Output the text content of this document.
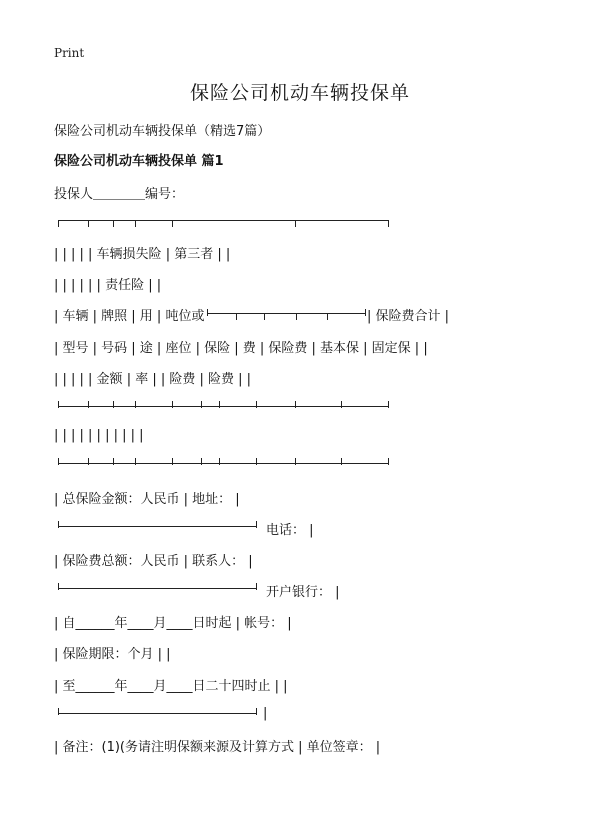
Print
保险公司机动车辆投保单
保险公司机动车辆投保单（精选7篇）
保险公司机动车辆投保单 篇1
投保人＿＿＿＿编号：
| | | | | 车辆损失险 | 第三者 | |
| | | | | | 责任险 | |
| 车辆 | 牌照 | 用 | 吨位或	| 保险费合计 |
| 型号 | 号码 | 途 | 座位 | 保险 | 费 | 保险费 | 基本保 | 固定保 | |
| | | | | 金额 | 率 | | 险费 | 险费 | |
| | | | | | | | | | |
| 总保险金额：人民币 | 地址： |
电话： |
| 保险费总额：人民币 | 联系人： |
开户银行： |
| 自______年____月____日时起 | 帐号： |
| 保险期限：个月 | |
| 至______年____月____日二十四时止 | |
|
| 备注：(1)(务请注明保额来源及计算方式 | 单位签章： |
